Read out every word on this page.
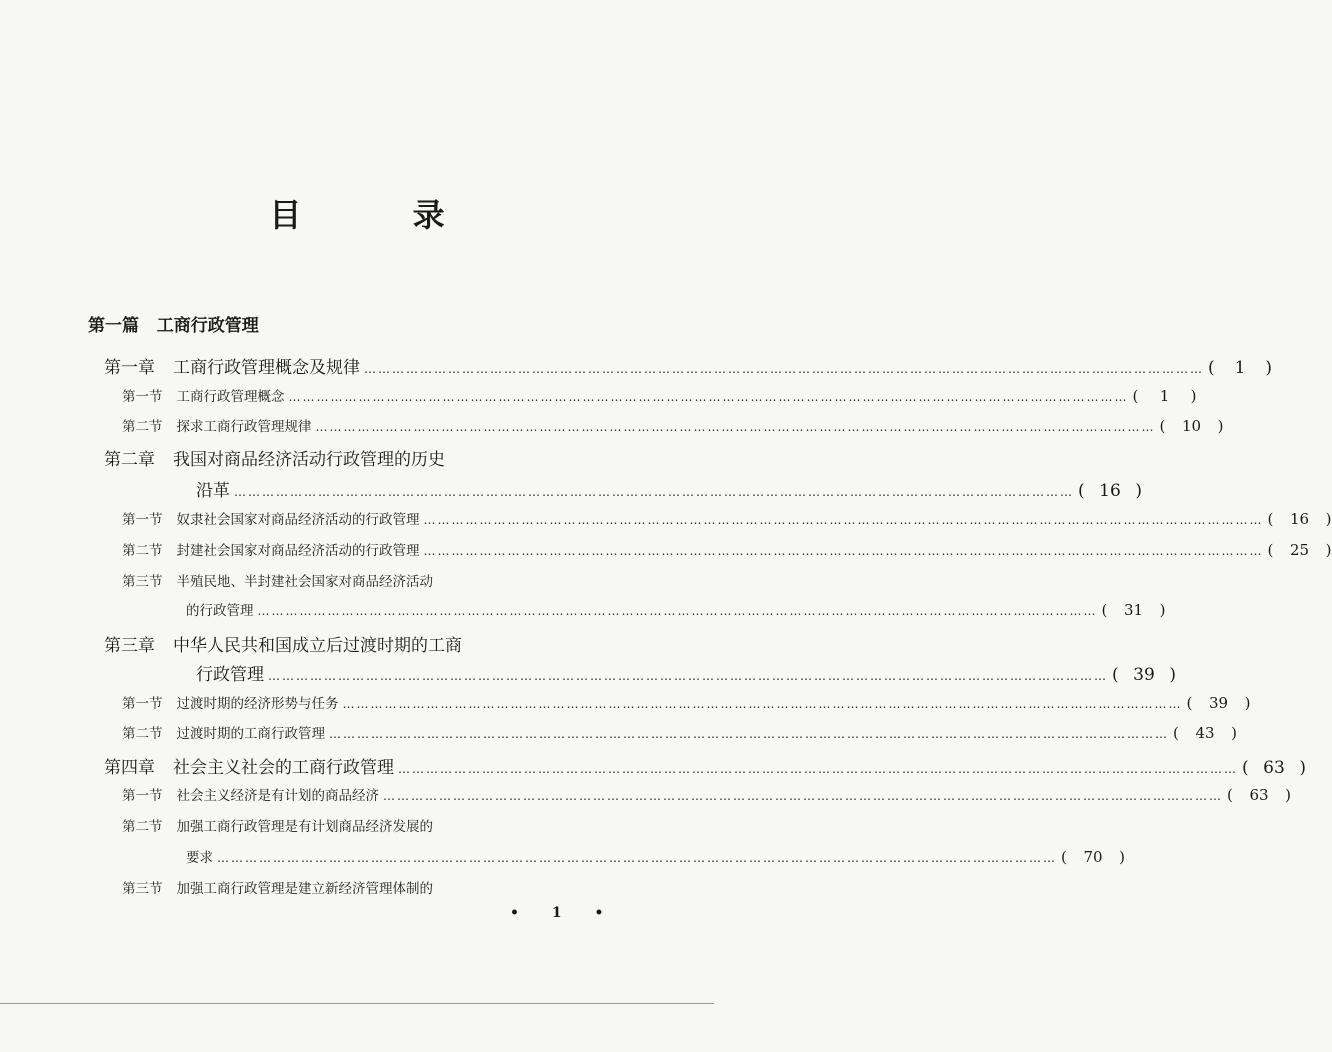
目 录
第一篇 工商行政管理
第一章 工商行政管理概念及规律 ……………………………………………………………………………………………………………………………………………………………… ( 1 )
第一节 工商行政管理概念 ……………………………………………………………………………………………………………………………………………………………… ( 1 )
第二节 探求工商行政管理规律 ……………………………………………………………………………………………………………………………………………………………… ( 10 )
第二章 我国对商品经济活动行政管理的历史
沿革 ……………………………………………………………………………………………………………………………………………………………… ( 16 )
第一节 奴隶社会国家对商品经济活动的行政管理 ……………………………………………………………………………………………………………………………………………………………… ( 16 )
第二节 封建社会国家对商品经济活动的行政管理 ……………………………………………………………………………………………………………………………………………………………… ( 25 )
第三节 半殖民地、半封建社会国家对商品经济活动
的行政管理 ……………………………………………………………………………………………………………………………………………………………… ( 31 )
第三章 中华人民共和国成立后过渡时期的工商
行政管理 ……………………………………………………………………………………………………………………………………………………………… ( 39 )
第一节 过渡时期的经济形势与任务 ……………………………………………………………………………………………………………………………………………………………… ( 39 )
第二节 过渡时期的工商行政管理 ……………………………………………………………………………………………………………………………………………………………… ( 43 )
第四章 社会主义社会的工商行政管理 ……………………………………………………………………………………………………………………………………………………………… ( 63 )
第一节 社会主义经济是有计划的商品经济 ……………………………………………………………………………………………………………………………………………………………… ( 63 )
第二节 加强工商行政管理是有计划商品经济发展的
要求 ……………………………………………………………………………………………………………………………………………………………… ( 70 )
第三节 加强工商行政管理是建立新经济管理体制的
• 1 •
